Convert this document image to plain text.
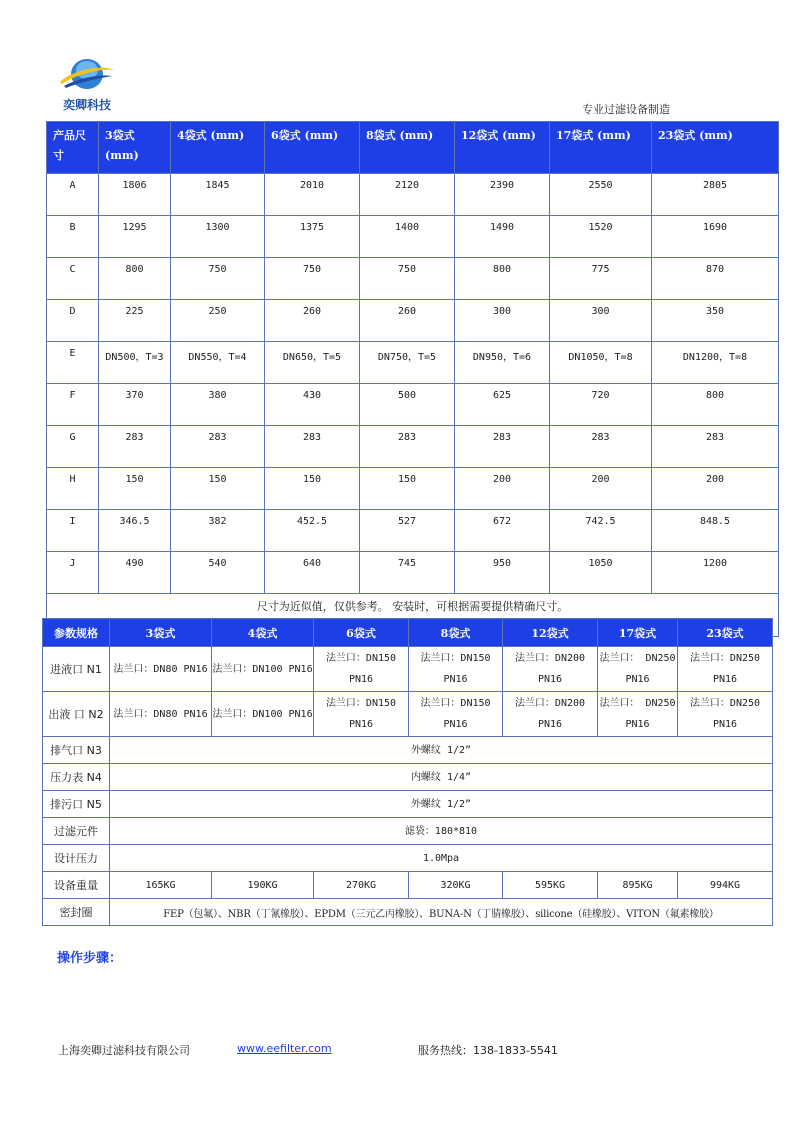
奕卿科技	专业过滤设备制造
产品尺寸	3袋式 (mm)	4袋式 (mm)	6袋式 (mm)	8袋式 (mm)	12袋式 (mm)	17袋式 (mm)	23袋式 (mm)
A	1806	1845	2010	2120	2390	2550	2805
B	1295	1300	1375	1400	1490	1520	1690
C	800	750	750	750	800	775	870
D	225	250	260	260	300	300	350
E	DN500，T=3	DN550，T=4	DN650，T=5	DN750，T=5	DN950，T=6	DN1050，T=8	DN1200，T=8
F	370	380	430	500	625	720	800
G	283	283	283	283	283	283	283
H	150	150	150	150	200	200	200
I	346.5	382	452.5	527	672	742.5	848.5
J	490	540	640	745	950	1050	1200
尺寸为近似值，仅供参考。 安装时，可根据需要提供精确尺寸。							
参数规格	3袋式	4袋式	6袋式	8袋式	12袋式	17袋式	23袋式
进液口 N1	法兰口：DN80 PN16	法兰口：DN100 PN16	法兰口：DN150 PN16	法兰口：DN150 PN16	法兰口：DN200 PN16	法兰口： DN250 PN16	法兰口：DN250 PN16
出液 口 N2	法兰口：DN80 PN16	法兰口：DN100 PN16	法兰口：DN150 PN16	法兰口：DN150 PN16	法兰口：DN200 PN16	法兰口： DN250 PN16	法兰口：DN250 PN16
排气口 N3	外螺纹 1/2”						
压力表 N4	内螺纹 1/4”						
排污口 N5	外螺纹 1/2”						
过滤元件	滤袋：180*810						
设计压力	1.0Mpa						
设备重量	165KG	190KG	270KG	320KG	595KG	895KG	994KG
密封圈	FEP（包氟）、NBR（丁氰橡胶）、EPDM（三元乙丙橡胶）、BUNA-N（丁腈橡胶）、silicone（硅橡胶）、VITON（氟素橡胶）						
操作步骤：
上海奕卿过滤科技有限公司	www.eefilter.com	服务热线：138-1833-5541
